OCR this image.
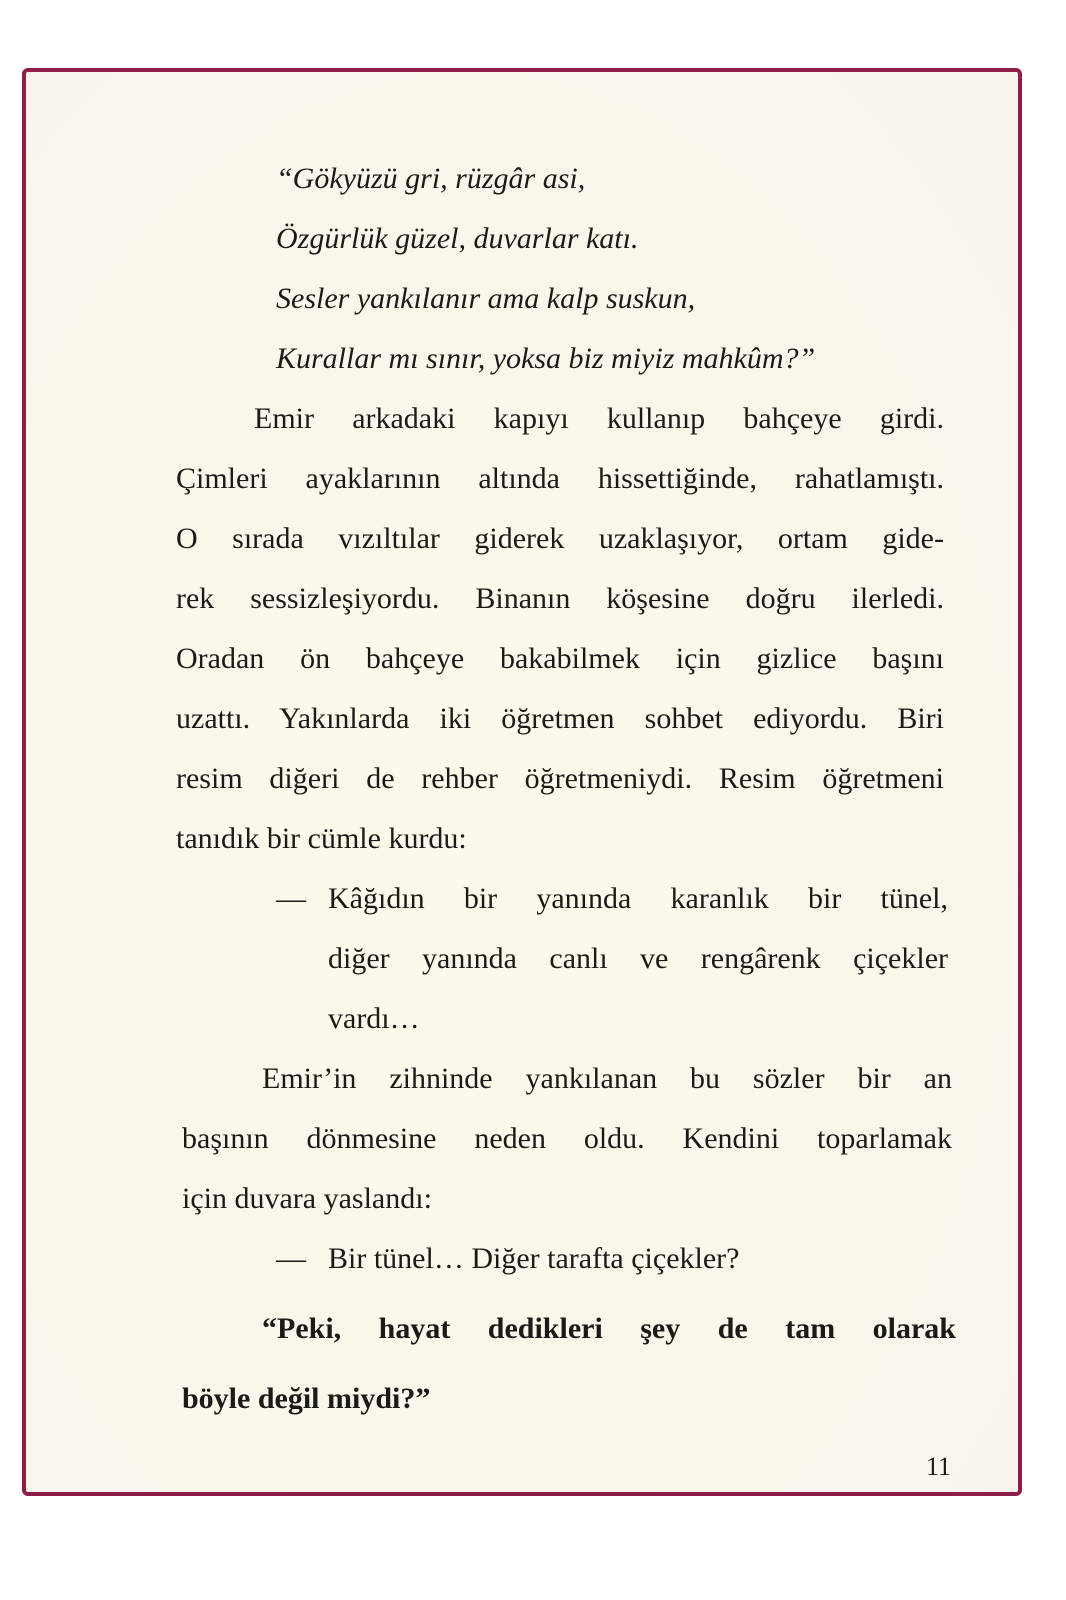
“Gökyüzü gri, rüzgâr asi,
Özgürlük güzel, duvarlar katı.
Sesler yankılanır ama kalp suskun,
Kurallar mı sınır, yoksa biz miyiz mahkûm?”
Emir arkadaki kapıyı kullanıp bahçeye girdi.
Çimleri ayaklarının altında hissettiğinde, rahatlamıştı.
O sırada vızıltılar giderek uzaklaşıyor, ortam gide-
rek sessizleşiyordu. Binanın köşesine doğru ilerledi.
Oradan ön bahçeye bakabilmek için gizlice başını
uzattı. Yakınlarda iki öğretmen sohbet ediyordu. Biri
resim diğeri de rehber öğretmeniydi. Resim öğretmeni
tanıdık bir cümle kurdu:
— Kâğıdın bir yanında karanlık bir tünel,
diğer yanında canlı ve rengârenk çiçekler
vardı…
Emir’in zihninde yankılanan bu sözler bir an
başının dönmesine neden oldu. Kendini toparlamak
için duvara yaslandı:
— Bir tünel… Diğer tarafta çiçekler?
“Peki, hayat dedikleri şey de tam olarak
böyle değil miydi?”
11
